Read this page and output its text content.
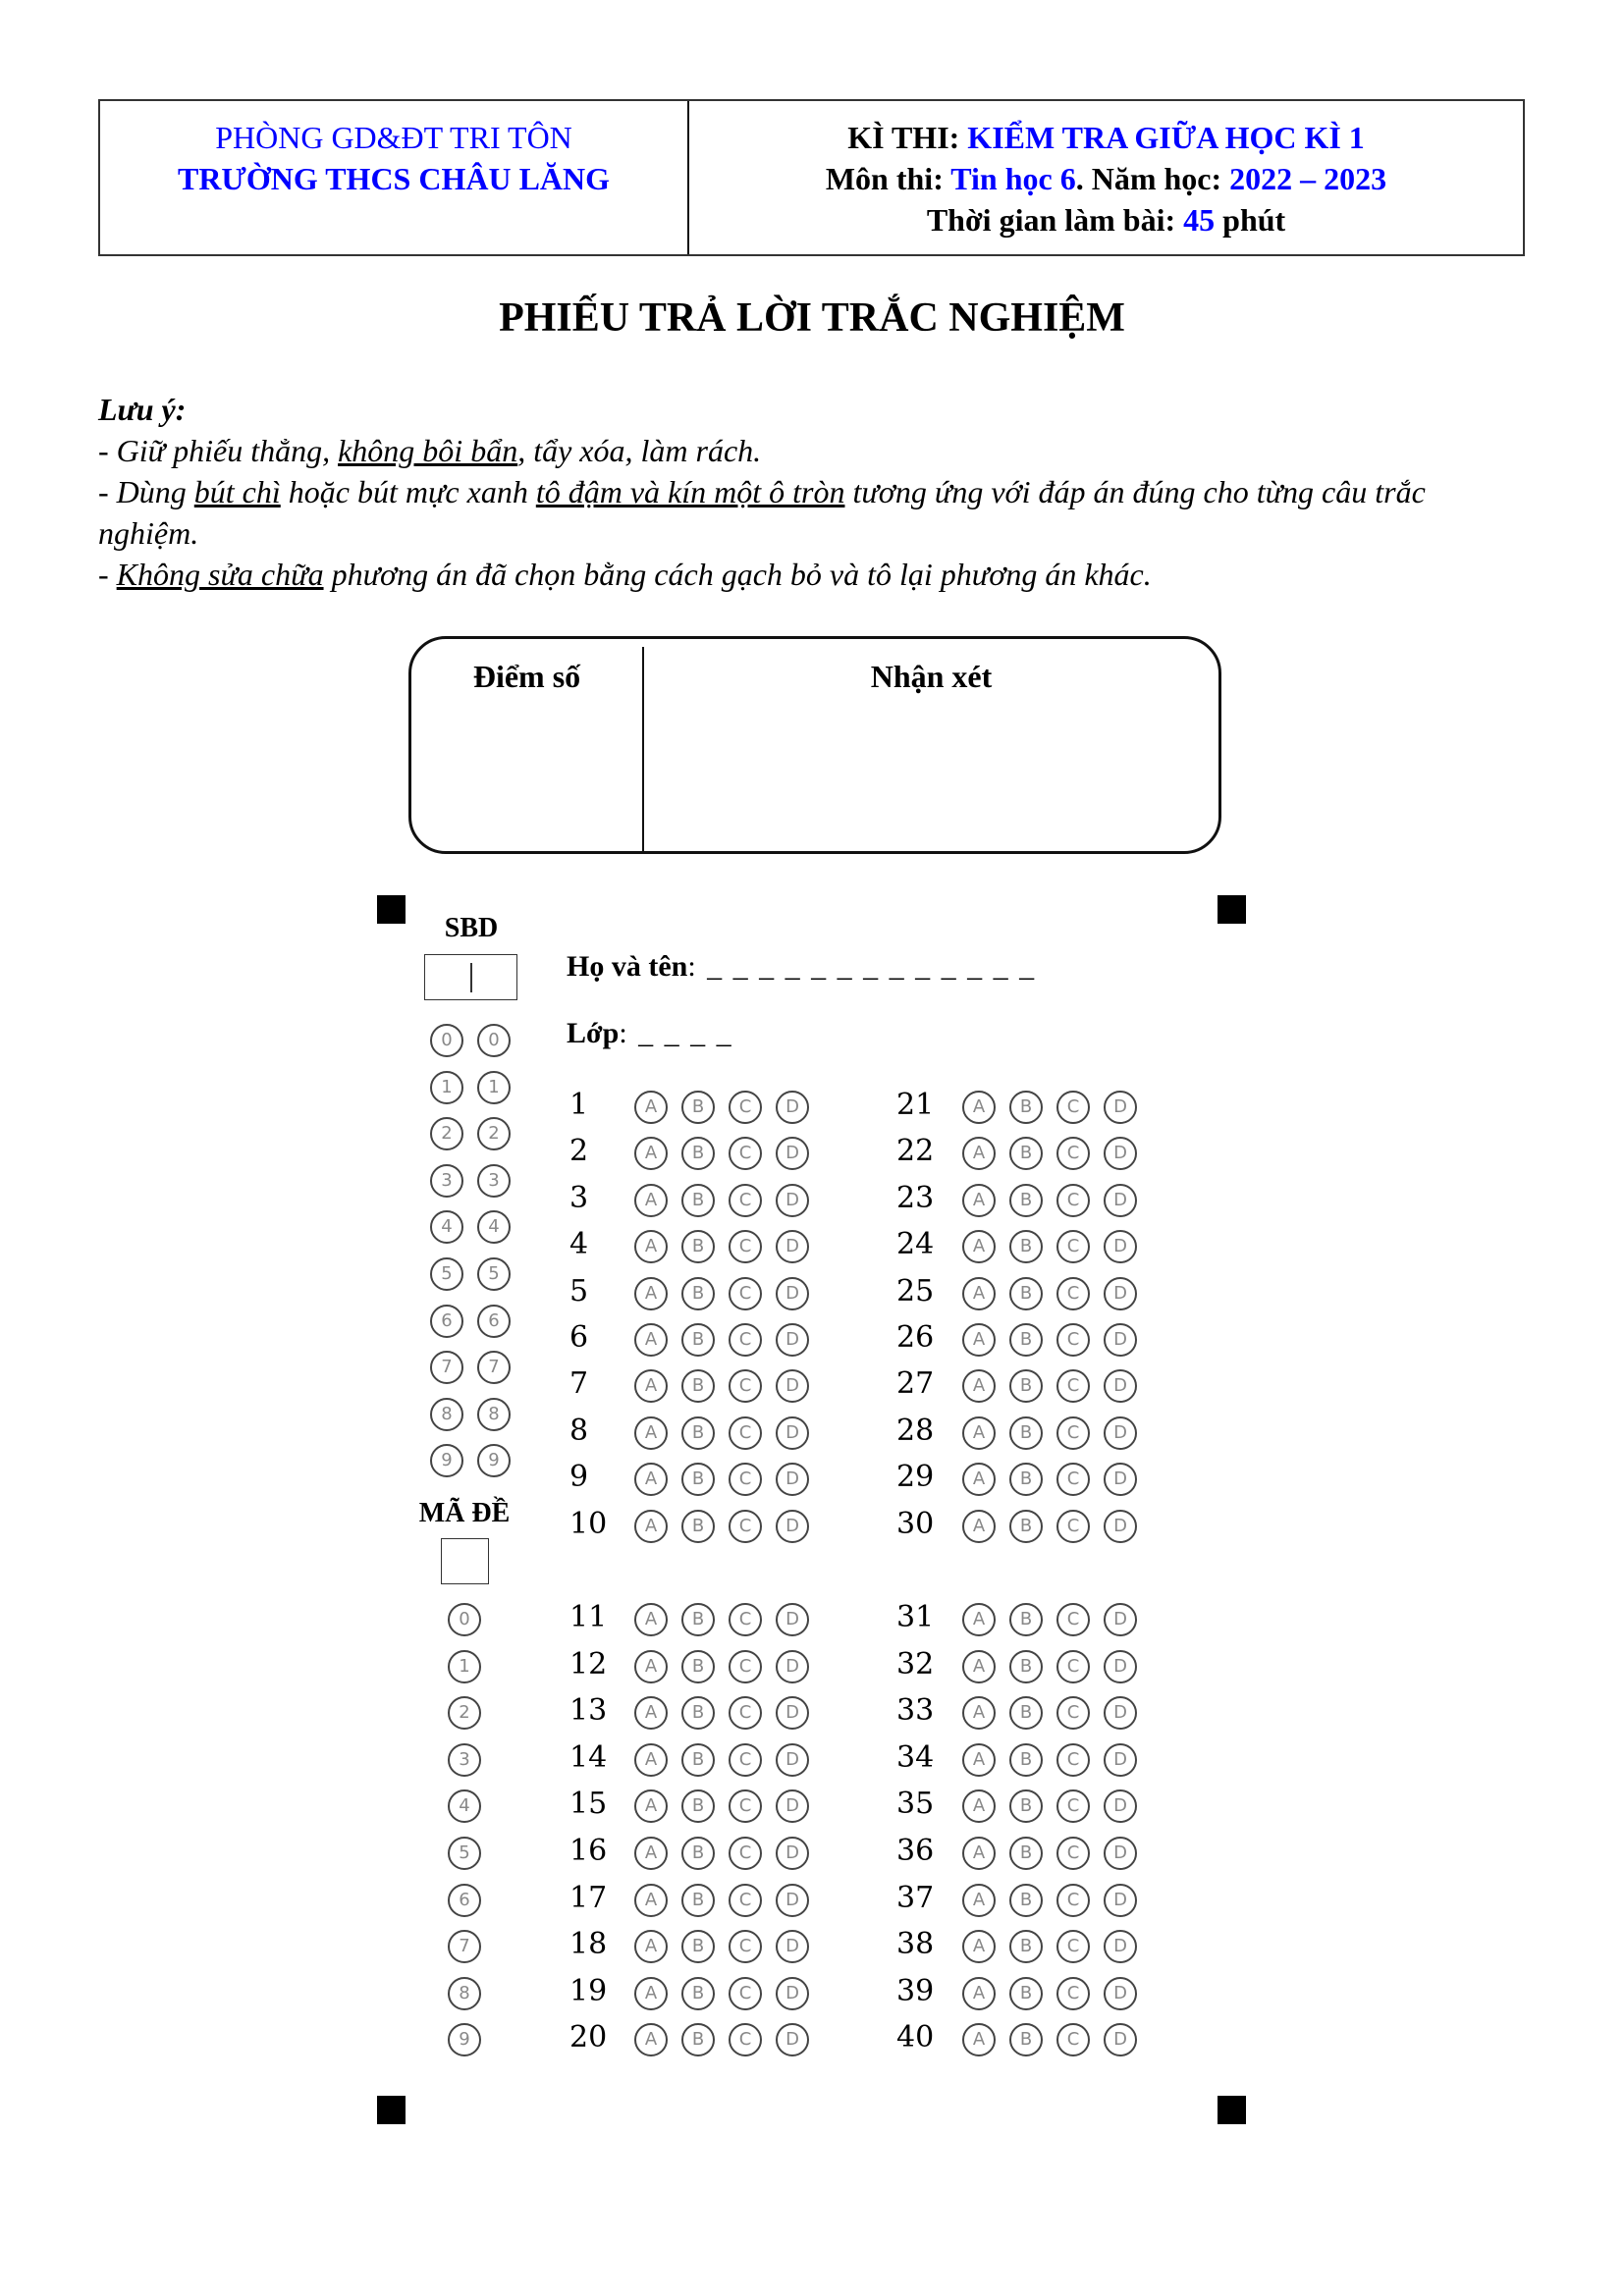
PHÒNG GD&ĐT TRI TÔN
TRƯỜNG THCS CHÂU LĂNG
KÌ THI: KIỂM TRA GIỮA HỌC KÌ 1
Môn thi: Tin học 6. Năm học: 2022 – 2023
Thời gian làm bài: 45 phút
PHIẾU TRẢ LỜI TRẮC NGHIỆM
Lưu ý:
- Giữ phiếu thẳng, không bôi bẩn, tẩy xóa, làm rách.
- Dùng bút chì hoặc bút mực xanh tô đậm và kín một ô tròn tương ứng với đáp án đúng cho từng câu trắc nghiệm.
- Không sửa chữa phương án đã chọn bằng cách gạch bỏ và tô lại phương án khác.
Điểm số	Nhận xét
SBD
Họ và tên: _ _ _ _ _ _ _ _ _ _ _ _ _
Lớp: _ _ _ _
MÃ ĐỀ
0	0
1	1
2	2
3	3
4	4
5	5
6	6
7	7
8	8
9	9
0
1
2
3
4
5
6
7
8
9
1	A	B	C	D
2	A	B	C	D
3	A	B	C	D
4	A	B	C	D
5	A	B	C	D
6	A	B	C	D
7	A	B	C	D
8	A	B	C	D
9	A	B	C	D
10	A	B	C	D
11	A	B	C	D
12	A	B	C	D
13	A	B	C	D
14	A	B	C	D
15	A	B	C	D
16	A	B	C	D
17	A	B	C	D
18	A	B	C	D
19	A	B	C	D
20	A	B	C	D
21	A	B	C	D
22	A	B	C	D
23	A	B	C	D
24	A	B	C	D
25	A	B	C	D
26	A	B	C	D
27	A	B	C	D
28	A	B	C	D
29	A	B	C	D
30	A	B	C	D
31	A	B	C	D
32	A	B	C	D
33	A	B	C	D
34	A	B	C	D
35	A	B	C	D
36	A	B	C	D
37	A	B	C	D
38	A	B	C	D
39	A	B	C	D
40	A	B	C	D
